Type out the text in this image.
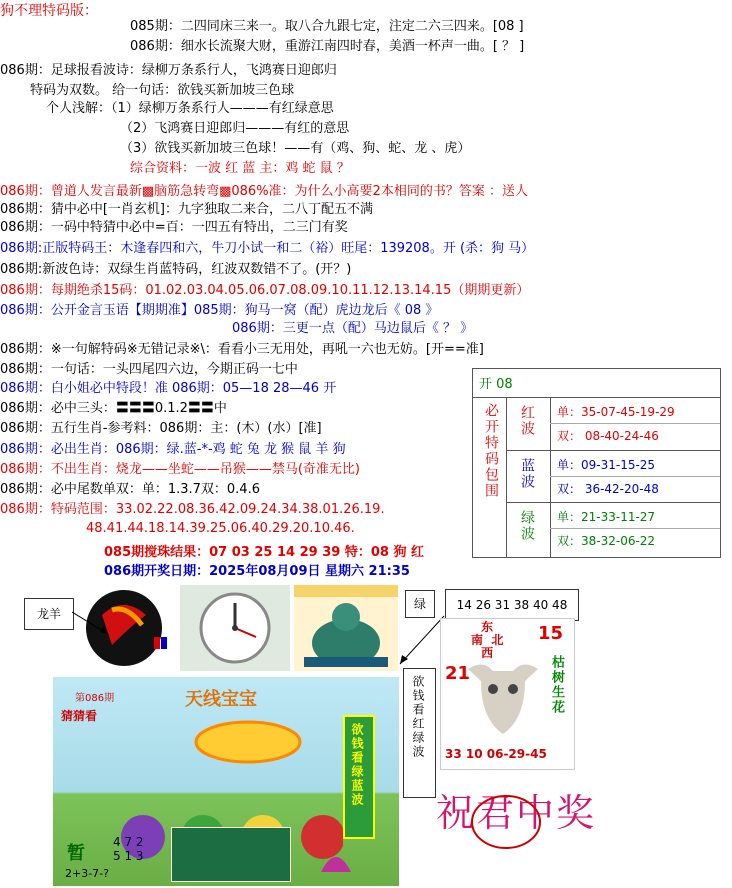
狗不理特码版：
085期：二四同床三来一。取八合九跟七定，注定二六三四来。[08 ]
086期：细水长流聚大财，重游江南四时春，美酒一杯声一曲。[ ？ ]
086期：足球报看波诗：绿柳万条系行人，飞鸿赛日迎郎归
特码为双数。 给一句话：欲钱买新加坡三色球
个人浅解：（1）绿柳万条系行人———有红绿意思
（2）飞鸿赛日迎郎归———有红的意思
（3）欲钱买新加坡三色球！——有（鸡、狗、蛇、龙 、虎）
综合资料：一波 红 蓝 主：鸡 蛇 鼠 ？
086期：曾道人发言最新▩脑筋急转弯▩086%准：为什么小高要2本相同的书？答案 ：送人
086期：猜中必中[一肖玄机]：九字独取二来合，二八丁配五不满
086期：一码中特猜中必中=百：一四五有特出，二三门有奖
086期:正版特码王：木逢春四和六，牛刀小试一和二（裕）旺尾：139208。开 (杀：狗 马）
086期:新波色诗：双绿生肖蓝特码，红波双数错不了。(开？)
086期：每期绝杀15码：01.02.03.04.05.06.07.08.09.10.11.12.13.14.15（期期更新）
086期：公开金言玉语【期期准】085期：狗马一窝（配）虎边龙后《 08 》
086期：三更一点（配）马边鼠后《 ？ 》
086期：※一句解特码※无错记录※\：看看小三无用处，再吼一六也无妨。[开==准]
086期：一句话：一头四尾四六边，今期正码一七中
086期：白小姐必中特段！准 086期：05—18 28—46 开
086期：必中三头：〓〓〓0.1.2〓〓中
086期：五行生肖-参考料：086期：主：(木）(水）[准]
086期：必出生肖：086期：绿.蓝-*-鸡 蛇 兔 龙 猴 鼠 羊 狗
086期：不出生肖：烧龙——坐蛇——吊猴——禁马(奇准无比)
086期：必中尾数单双：单：1.3.7双：0.4.6
086期：特码范围：33.02.22.08.36.42.09.24.34.38.01.26.19.
48.41.44.18.14.39.25.06.40.29.20.10.46.
085期搅珠结果：07 03 25 14 29 39 特：08 狗 红
086期开奖日期：2025年08月09日 星期六 21:35
开 08
必开特码包围 红波 单：35-07-45-19-29
双： 08-40-24-46
蓝波 单：09-31-15-25
双： 36-42-20-48
绿波 单：21-33-11-27
双：38-32-06-22
龙羊
绿	14 26 31 38 40 48
欲钱看红绿波
天线宝宝
第086期
猜猜看
欲钱看绿蓝波
4 7 2
5 1 3
2+3-7-?
暂
东
南  北
西
15
21	枯树生花
33 10 06-29-45
祝君中奖
